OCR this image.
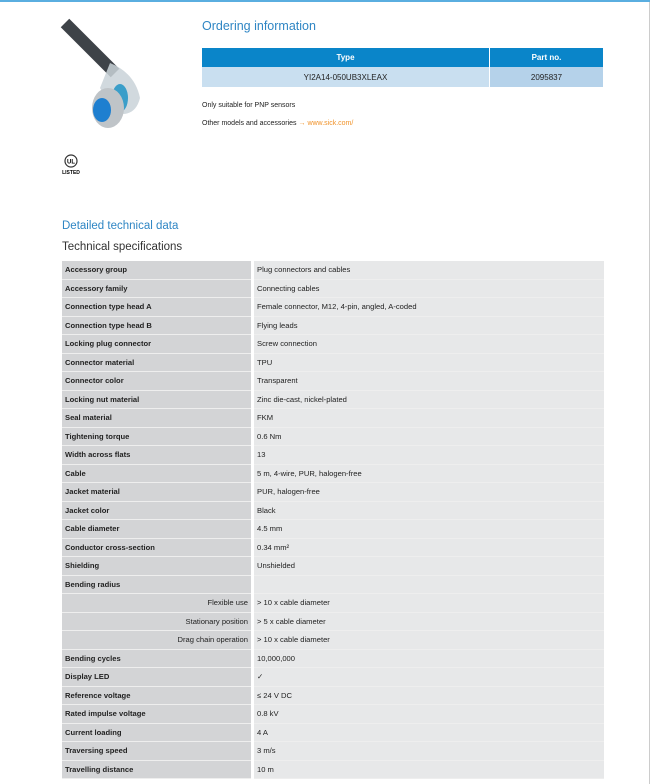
UL
LISTED
Ordering information
Type	Part no.
YI2A14-050UB3XLEAX	2095837
Only suitable for PNP sensors
Other models and accessories → www.sick.com/
Detailed technical data
Technical specifications
Accessory group	Plug connectors and cables
Accessory family	Connecting cables
Connection type head A	Female connector, M12, 4-pin, angled, A-coded
Connection type head B	Flying leads
Locking plug connector	Screw connection
Connector material	TPU
Connector color	Transparent
Locking nut material	Zinc die-cast, nickel-plated
Seal material	FKM
Tightening torque	0.6 Nm
Width across flats	13
Cable	5 m, 4-wire, PUR, halogen-free
Jacket material	PUR, halogen-free
Jacket color	Black
Cable diameter	4.5 mm
Conductor cross-section	0.34 mm²
Shielding	Unshielded
Bending radius	
Flexible use	> 10 x cable diameter
Stationary position	> 5 x cable diameter
Drag chain operation	> 10 x cable diameter
Bending cycles	10,000,000
Display LED	✓
Reference voltage	≤ 24 V DC
Rated impulse voltage	0.8 kV
Current loading	4 A
Traversing speed	3 m/s
Travelling distance	10 m
